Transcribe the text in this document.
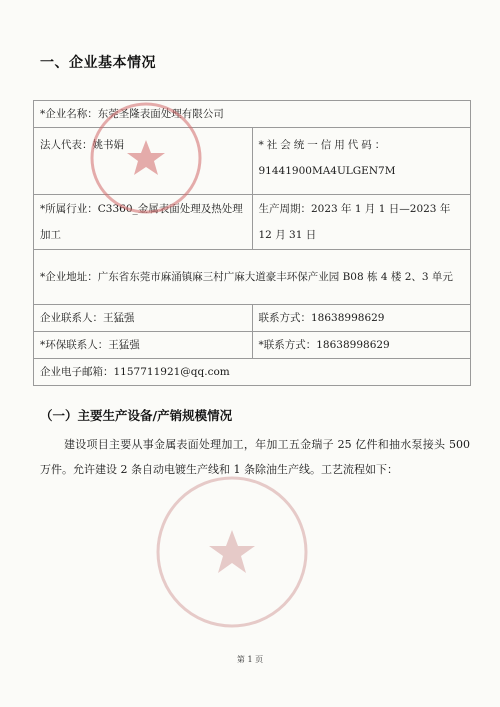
一、企业基本情况
*企业名称：东莞圣隆表面处理有限公司	
法人代表：姚书娟	*社会统一信用代码：
91441900MA4ULGEN7M

*所属行业：C3360_金属表面处理及热处理加工	生产周期：2023 年 1 月 1 日—2023 年 12 月 31 日
*企业地址：广东省东莞市麻涌镇麻三村广麻大道豪丰环保产业园 B08 栋 4 楼 2、3 单元	
企业联系人：王猛强	联系方式：18638998629
*环保联系人：王猛强	*联系方式：18638998629
企业电子邮箱：1157711921@qq.com	
（一）主要生产设备/产销规模情况
建设项目主要从事金属表面处理加工，年加工五金瑞子 25 亿件和抽水泵接头 500 万件。允许建设 2 条自动电镀生产线和 1 条除油生产线。工艺流程如下：
第 1 页
